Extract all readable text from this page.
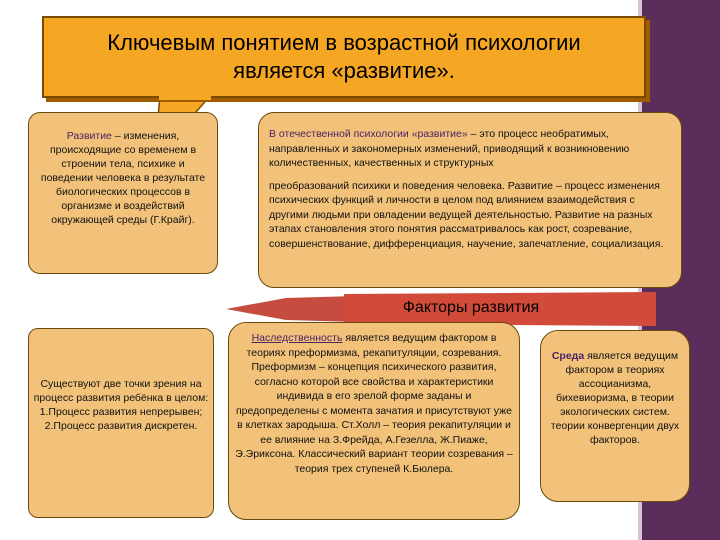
Ключевым понятием в возрастной психологии
является «развитие».
Развитие – изменения, происходящие со временем в строении тела, психике и поведении человека в результате биологических процессов в организме и воздействий окружающей среды (Г.Крайг).

В отечественной психологии «развитие» – это процесс необратимых, направленных и закономерных изменений, приводящий к возникновению количественных, качественных и структурных

преобразований психики и поведения человека. Развитие – процесс изменения психических функций и личности в целом под влиянием взаимодействия с другими людьми при овладении ведущей деятельностью. Развитие на разных этапах становления этого понятия рассматривалось как рост, созревание, совершенствование, дифференциация, научение, запечатление, социализация.

Факторы развития
Существуют две точки зрения на процесс развития ребёнка в целом: 1.Процесс развития непрерывен; 2.Процесс развития дискретен.
Наследственность является ведущим фактором в теориях преформизма, рекапитуляции, созревания. Преформизм – концепция психического развития, согласно которой все свойства и характеристики индивида в его зрелой форме заданы и предопределены с момента зачатия и присутствуют уже в клетках зародыша. Ст.Холл – теория рекапитуляции и ее влияние на З.Фрейда, А.Гезелла, Ж.Пиаже, Э.Эриксона. Классический вариант теории созревания – теория трех ступеней К.Бюлера.
Среда является ведущим фактором в теориях ассоцианизма, бихевиоризма, в теории экологических систем. теории конвергенции двух факторов.
